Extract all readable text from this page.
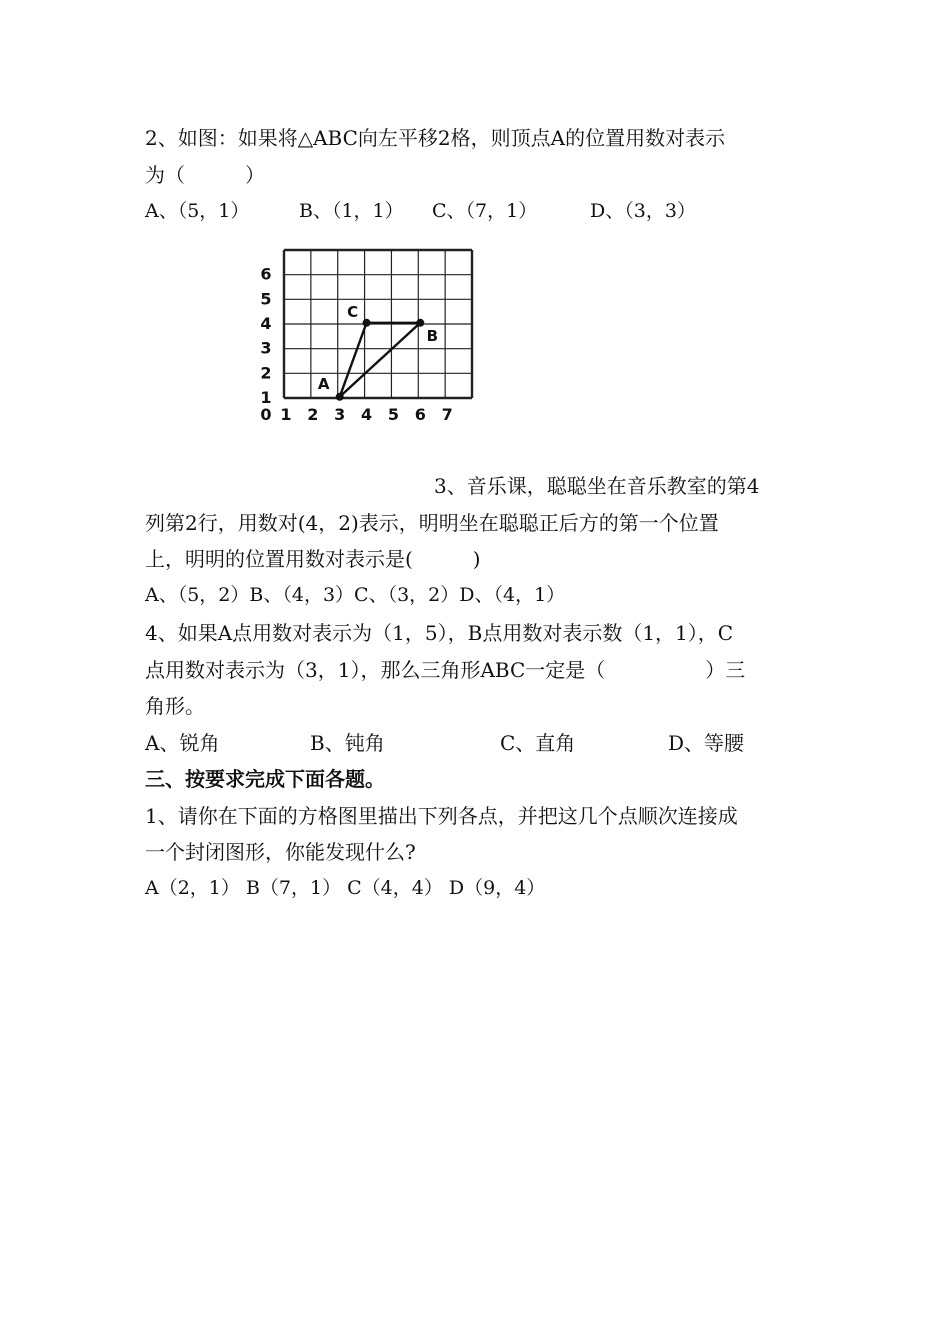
2、如图：如果将△ABC向左平移2格，则顶点A的位置用数对表示
为（　　　）
A、（5，1）	B、（1，1） C、（7，1）	D、（3，3）
0 1 2 3 4 5 6 7
1
2
3
4
5
6
A
C
B
3、音乐课，聪聪坐在音乐教室的第4
列第2行，用数对(4，2)表示，明明坐在聪聪正后方的第一个位置
上，明明的位置用数对表示是(　　　)
A、（5，2）B、（4，3）C、（3，2）D、（4，1）
4、如果A点用数对表示为（1，5），B点用数对表示数（1，1），C
点用数对表示为（3，1），那么三角形ABC一定是（　　　　　）三
角形。
A、锐角	B、钝角	C、直角	D、等腰
三、按要求完成下面各题。
1、请你在下面的方格图里描出下列各点，并把这几个点顺次连接成
一个封闭图形，你能发现什么?
A（2，1） B（7，1） C（4，4） D（9，4）
